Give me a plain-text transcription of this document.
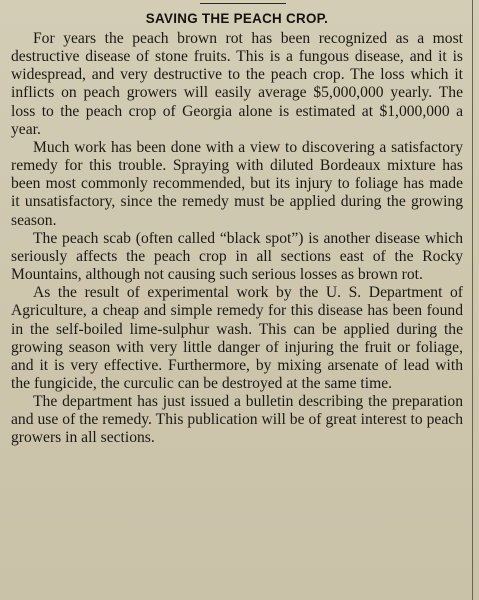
SAVING THE PEACH CROP.

For years the peach brown rot has been recognized as a most destructive disease of stone fruits. This is a fungous disease, and it is widespread, and very destructive to the peach crop. The loss which it inflicts on peach growers will easily average $5,000,000 yearly. The loss to the peach crop of Georgia alone is estimated at $1,000,000 a year.

Much work has been done with a view to discovering a satisfactory remedy for this trouble. Spraying with diluted Bordeaux mixture has been most commonly recommended, but its injury to foliage has made it unsatisfactory, since the remedy must be applied during the growing season.

The peach scab (often called “black spot”) is another disease which seriously affects the peach crop in all sections east of the Rocky Mountains, although not causing such serious losses as brown rot.

As the result of experimental work by the U. S. Department of Agriculture, a cheap and simple remedy for this disease has been found in the self-boiled lime-sulphur wash. This can be applied during the growing season with very little danger of injuring the fruit or foliage, and it is very effective. Furthermore, by mixing arsenate of lead with the fungicide, the curculic can be destroyed at the same time.

The department has just issued a bulletin describing the preparation and use of the remedy. This publication will be of great interest to peach growers in all sections.
